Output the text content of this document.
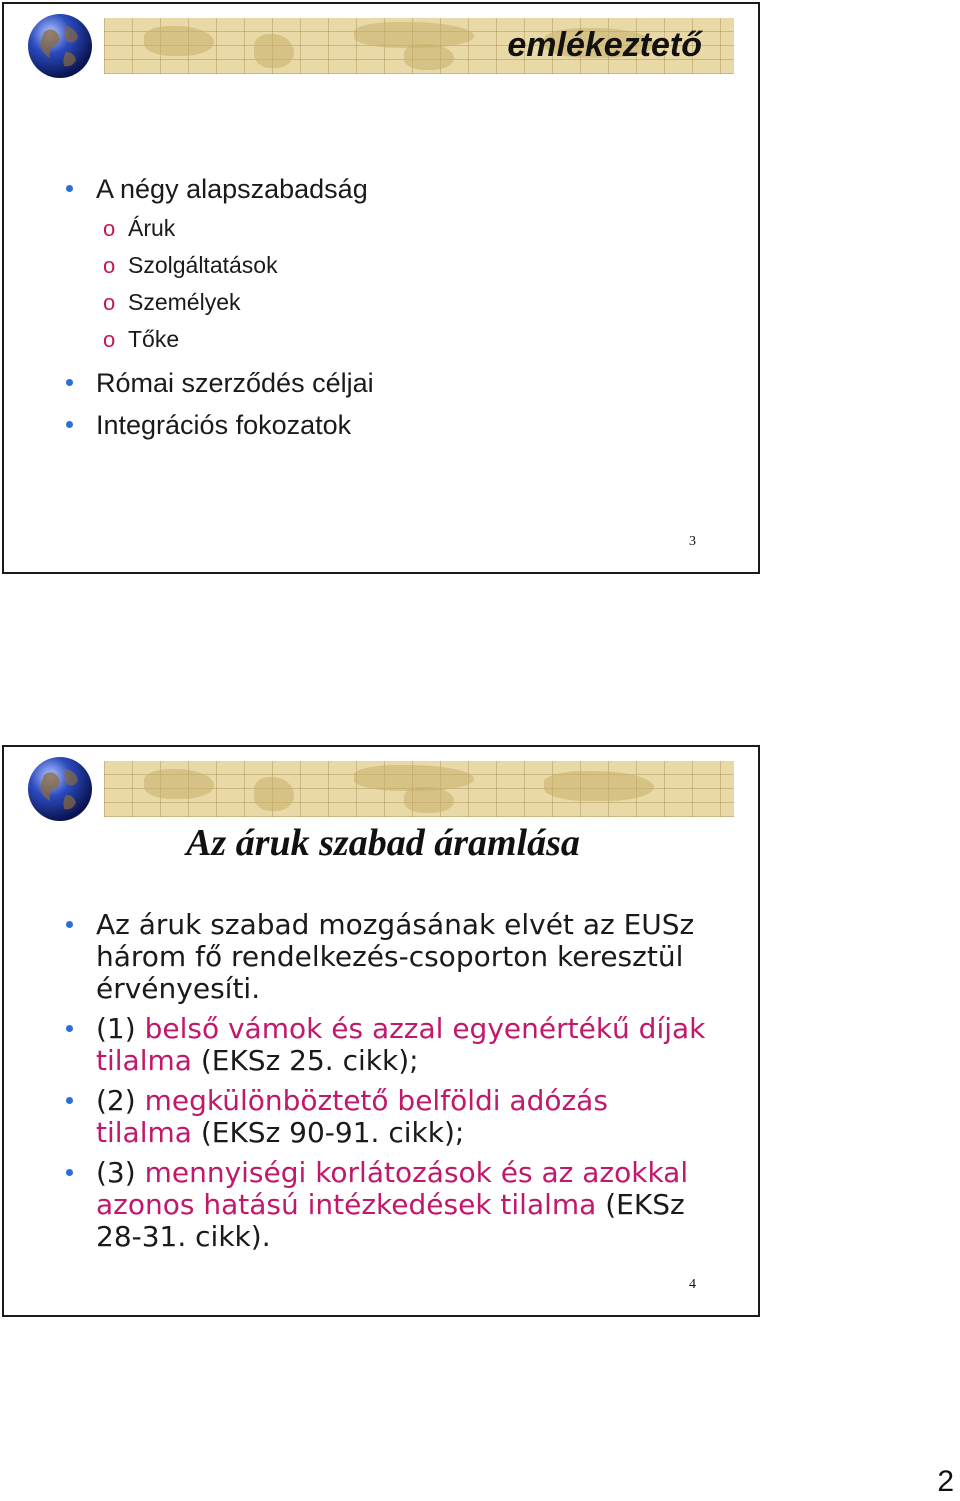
emlékeztető
A négy alapszabadság
o Áruk
o Szolgáltatások
o Személyek
o Tőke
Római szerződés céljai
Integrációs fokozatok
3
Az áruk szabad áramlása
Az áruk szabad mozgásának elvét az EUSz három fő rendelkezés-csoporton keresztül érvényesíti.
(1) belső vámok és azzal egyenértékű díjak tilalma (EKSz 25. cikk);
(2) megkülönböztető belföldi adózás tilalma (EKSz 90-91. cikk);
(3) mennyiségi korlátozások és az azokkal azonos hatású intézkedések tilalma (EKSz 28-31. cikk).
4
2
